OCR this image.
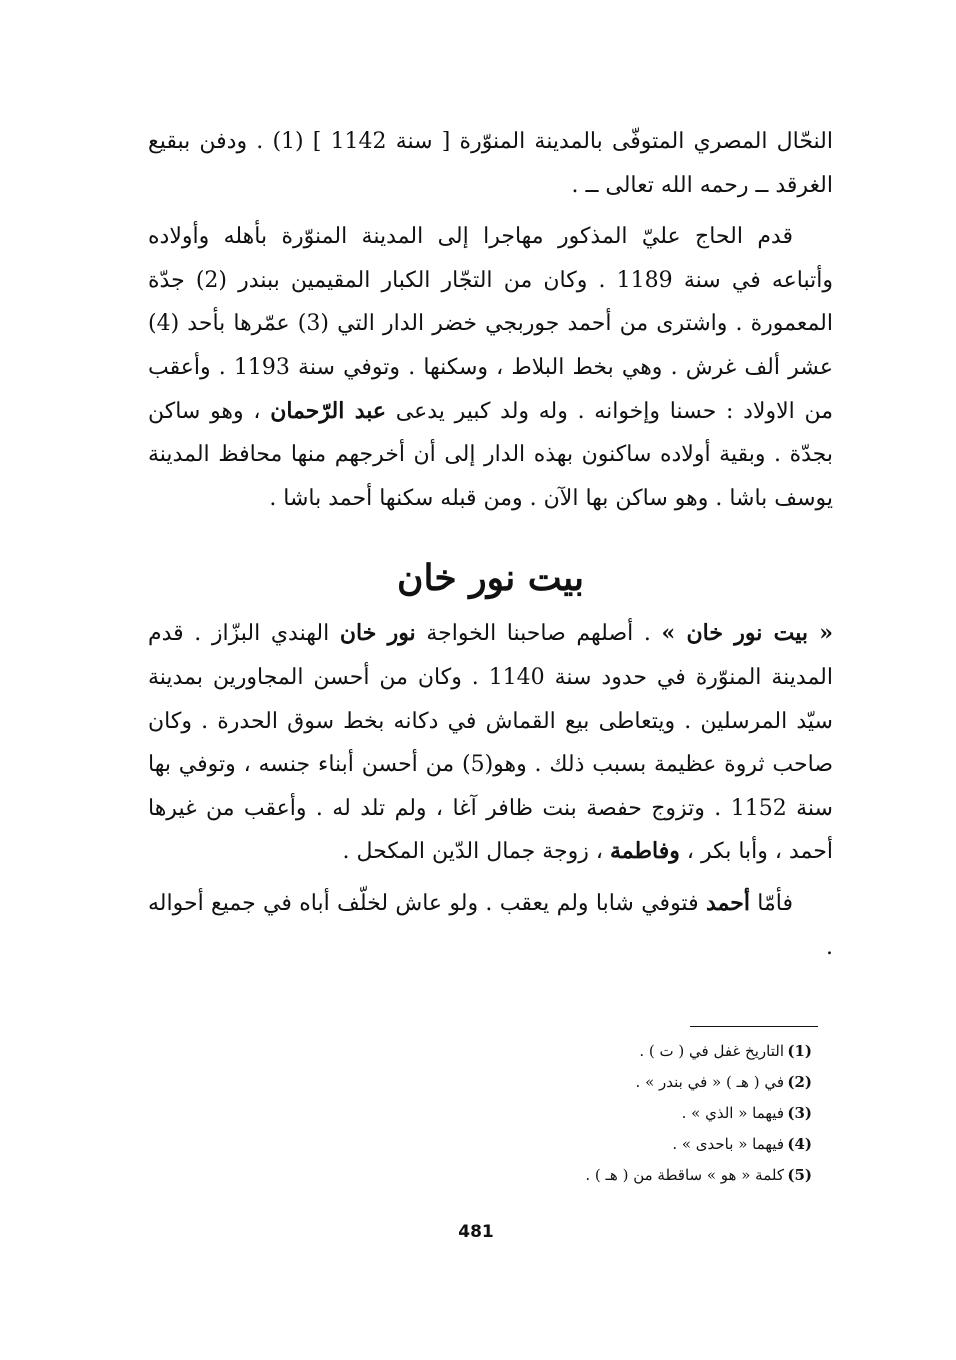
النحّال المصري المتوفّى بالمدينة المنوّرة [ سنة 1142 ] (1) . ودفن ببقيع الغرقد ــ رحمه الله تعالى ــ .

قدم الحاج عليّ المذكور مهاجرا إلى المدينة المنوّرة بأهله وأولاده وأتباعه في سنة 1189 . وكان من التجّار الكبار المقيمين ببندر (2) جدّة المعمورة . واشترى من أحمد جوربجي خضر الدار التي (3) عمّرها بأحد (4) عشر ألف غرش . وهي بخط البلاط ، وسكنها . وتوفي سنة 1193 . وأعقب من الاولاد : حسنا وإخوانه . وله ولد كبير يدعى عبد الرّحمان ، وهو ساكن بجدّة . وبقية أولاده ساكنون بهذه الدار إلى أن أخرجهم منها محافظ المدينة يوسف باشا . وهو ساكن بها الآن . ومن قبله سكنها أحمد باشا .

بيت نور خان

« بيت نور خان » . أصلهم صاحبنا الخواجة نور خان الهندي البزّاز . قدم المدينة المنوّرة في حدود سنة 1140 . وكان من أحسن المجاورين بمدينة سيّد المرسلين . ويتعاطى بيع القماش في دكانه بخط سوق الحدرة . وكان صاحب ثروة عظيمة بسبب ذلك . وهو(5) من أحسن أبناء جنسه ، وتوفي بها سنة 1152 . وتزوج حفصة بنت ظافر آغا ، ولم تلد له . وأعقب من غيرها أحمد ، وأبا بكر ، وفاطمة ، زوجة جمال الدّين المكحل .

فأمّا أحمد فتوفي شابا ولم يعقب . ولو عاش لخلّف أباه في جميع أحواله .

(1)التاريخ غفل في ( ت ) .
(2)في ( هـ ) « في بندر » .
(3)فيهما « الذي » .
(4)فيهما « باحدى » .
(5)كلمة « هو » ساقطة من ( هـ ) .
481
